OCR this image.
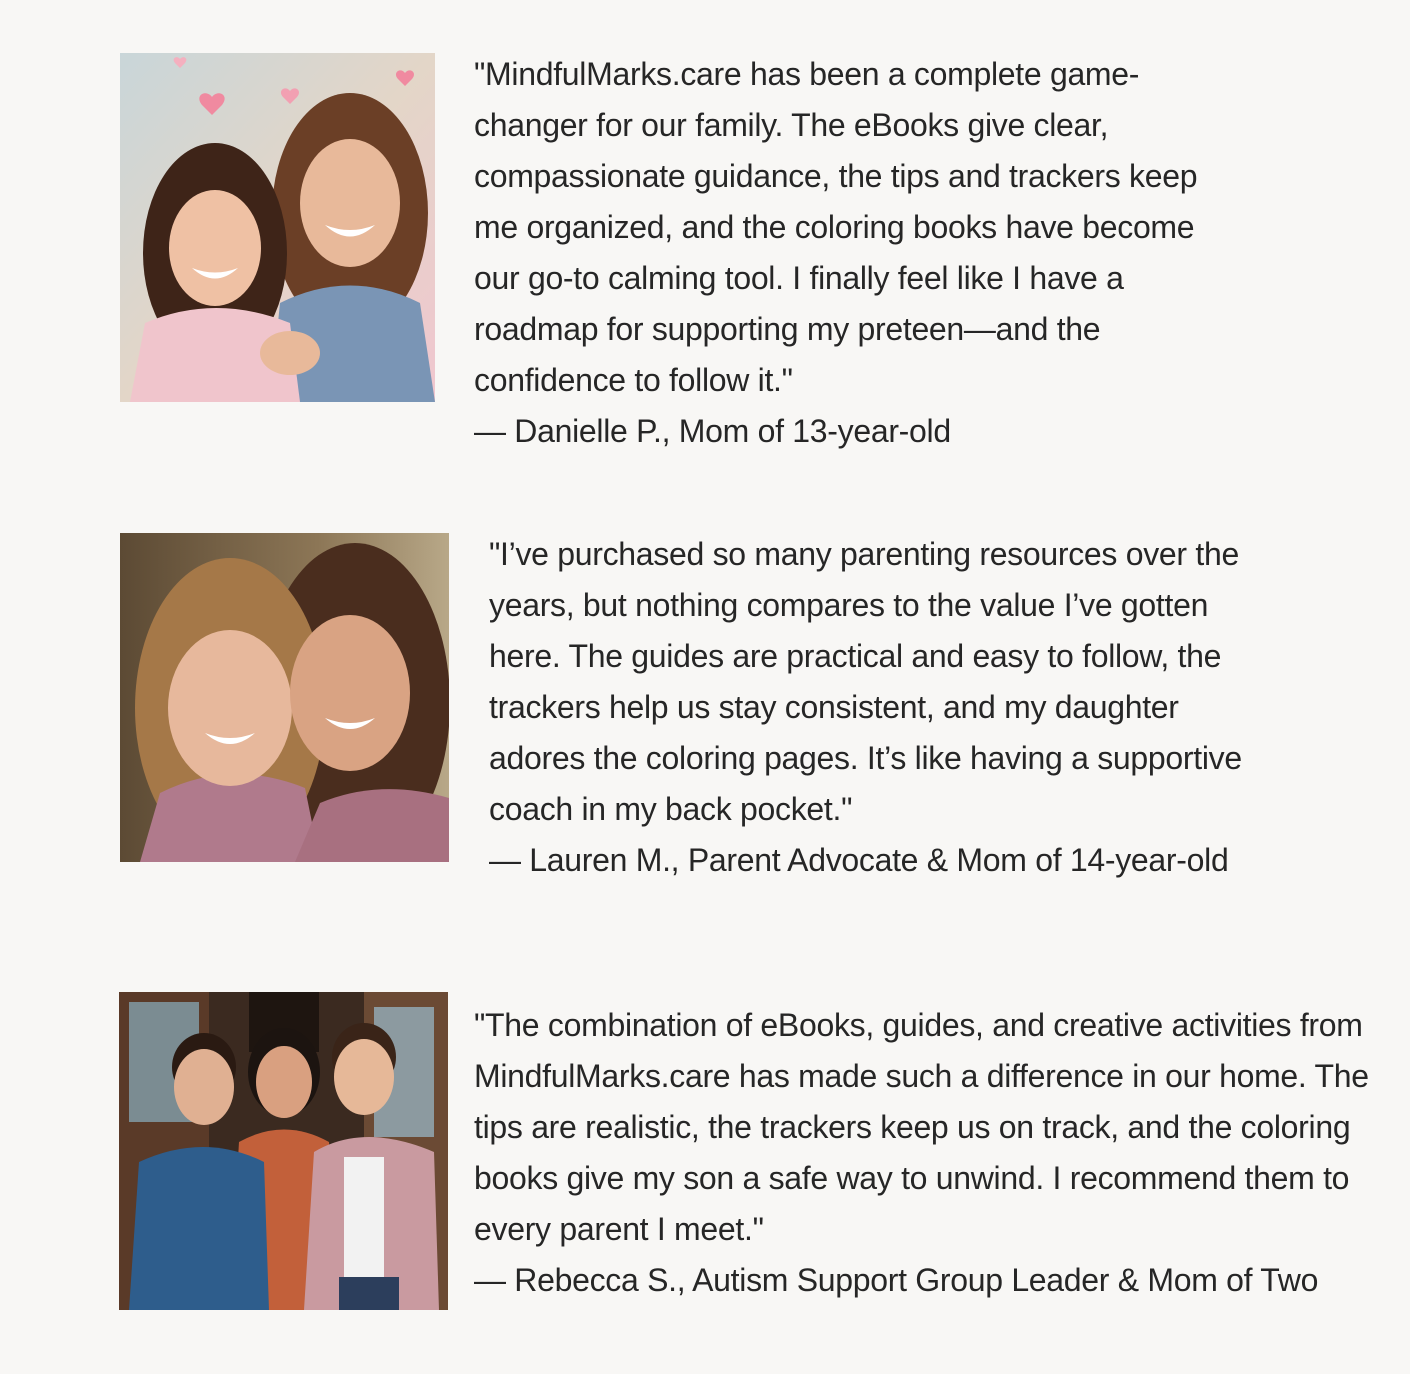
"MindfulMarks.care has been a complete game-changer for our family. The eBooks give clear, compassionate guidance, the tips and trackers keep me organized, and the coloring books have become our go-to calming tool. I finally feel like I have a roadmap for supporting my preteen—and the confidence to follow it."
— Danielle P., Mom of 13-year-old
"I’ve purchased so many parenting resources over the years, but nothing compares to the value I’ve gotten here. The guides are practical and easy to follow, the trackers help us stay consistent, and my daughter adores the coloring pages. It’s like having a supportive coach in my back pocket."
— Lauren M., Parent Advocate & Mom of 14-year-old
"The combination of eBooks, guides, and creative activities from MindfulMarks.care has made such a difference in our home. The tips are realistic, the trackers keep us on track, and the coloring books give my son a safe way to unwind. I recommend them to every parent I meet."
— Rebecca S., Autism Support Group Leader & Mom of Two
